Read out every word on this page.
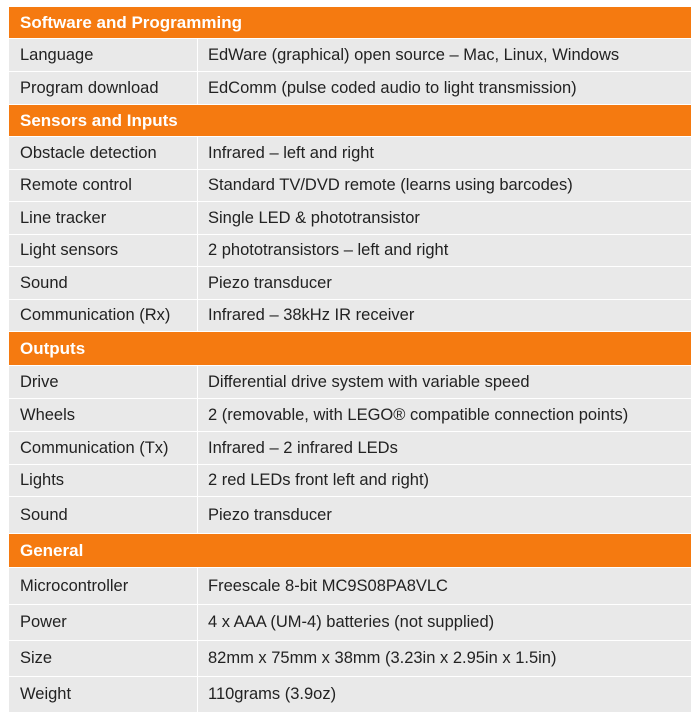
Software and Programming	
Language	EdWare (graphical) open source – Mac, Linux, Windows
Program download	EdComm (pulse coded audio to light transmission)
Sensors and Inputs	
Obstacle detection	Infrared – left and right
Remote control	Standard TV/DVD remote (learns using barcodes)
Line tracker	Single LED & phototransistor
Light sensors	2 phototransistors – left and right
Sound	Piezo transducer
Communication (Rx)	Infrared – 38kHz IR receiver
Outputs	
Drive	Differential drive system with variable speed
Wheels	2 (removable, with LEGO® compatible connection points)
Communication (Tx)	Infrared – 2 infrared LEDs
Lights	2 red LEDs front left and right)
Sound	Piezo transducer
General	
Microcontroller	Freescale 8-bit MC9S08PA8VLC
Power	4 x AAA (UM-4) batteries (not supplied)
Size	82mm x 75mm x 38mm (3.23in x 2.95in x 1.5in)
Weight	110grams (3.9oz)
